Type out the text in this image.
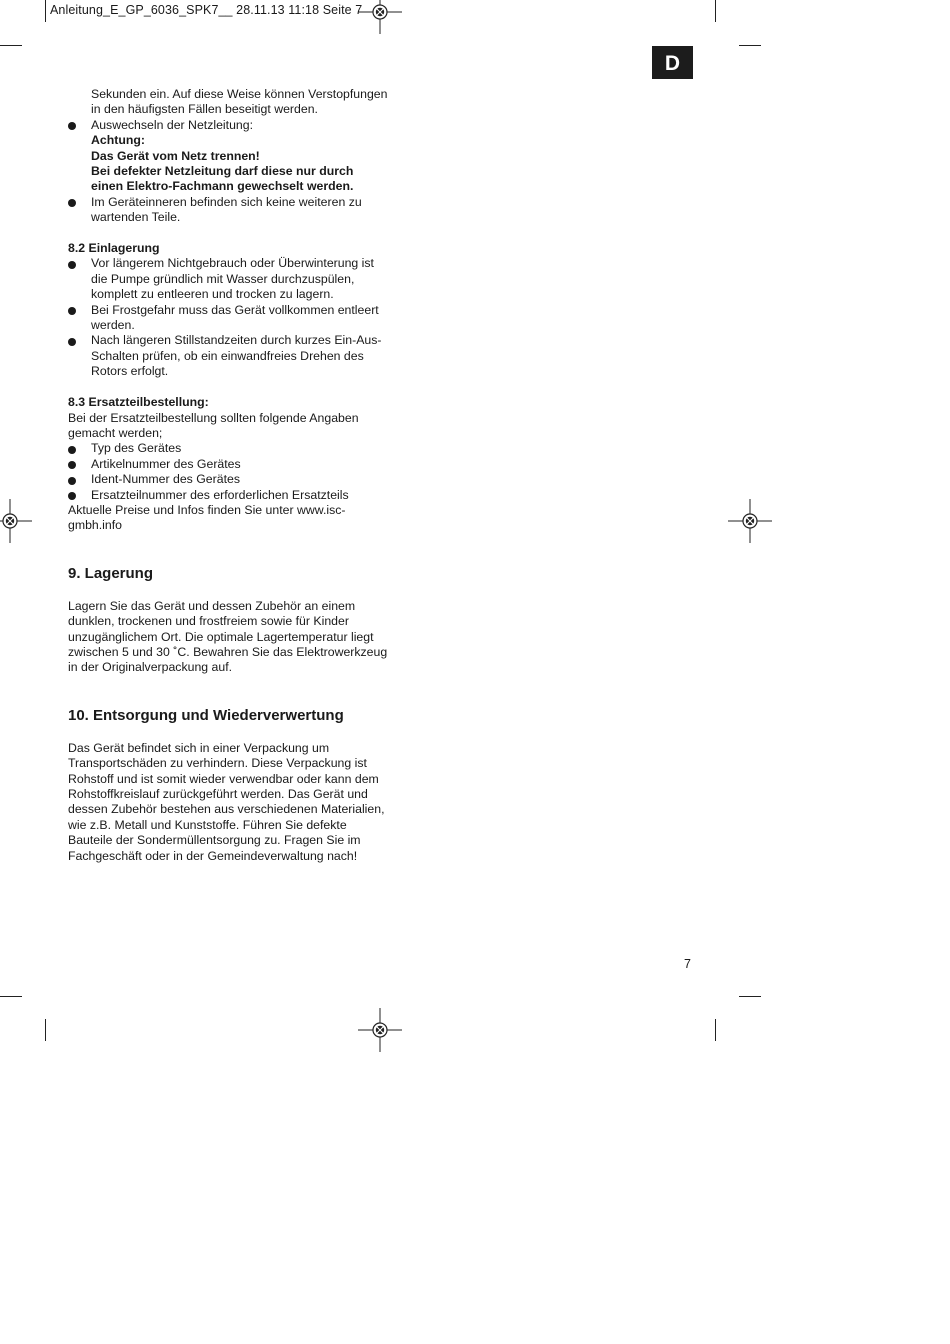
Anleitung_E_GP_6036_SPK7__ 28.11.13 11:18 Seite 7
D

Sekunden ein. Auf diese Weise können Verstopfungen in den häufigsten Fällen beseitigt werden.

Auswechseln der Netzleitung:
Achtung:
Das Gerät vom Netz trennen!
Bei defekter Netzleitung darf diese nur durch einen Elektro-Fachmann gewechselt werden.

Im Geräteinneren befinden sich keine weiteren zu wartenden Teile.

8.2 Einlagerung

Vor längerem Nichtgebrauch oder Überwinterung ist die Pumpe gründlich mit Wasser durchzuspülen, komplett zu entleeren und trocken zu lagern.

Bei Frostgefahr muss das Gerät vollkommen entleert werden.

Nach längeren Stillstandzeiten durch kurzes Ein-Aus-Schalten prüfen, ob ein einwandfreies Drehen des Rotors erfolgt.

8.3 Ersatzteilbestellung:

Bei der Ersatzteilbestellung sollten folgende Angaben gemacht werden;

Typ des Gerätes

Artikelnummer des Gerätes

Ident-Nummer des Gerätes

Ersatzteilnummer des erforderlichen Ersatzteils

Aktuelle Preise und Infos finden Sie unter www.isc-gmbh.info

9. Lagerung

Lagern Sie das Gerät und dessen Zubehör an einem dunklen, trockenen und frostfreiem sowie für Kinder unzugänglichem Ort. Die optimale Lagertemperatur liegt zwischen 5 und 30 ˚C. Bewahren Sie das Elektrowerkzeug in der Originalverpackung auf.

10. Entsorgung und Wiederverwertung

Das Gerät befindet sich in einer Verpackung um Transportschäden zu verhindern. Diese Verpackung ist Rohstoff und ist somit wieder verwendbar oder kann dem Rohstoffkreislauf zurückgeführt werden. Das Gerät und dessen Zubehör bestehen aus verschiedenen Materialien, wie z.B. Metall und Kunststoffe. Führen Sie defekte Bauteile der Sondermüllentsorgung zu. Fragen Sie im Fachgeschäft oder in der Gemeindeverwaltung nach!

7
